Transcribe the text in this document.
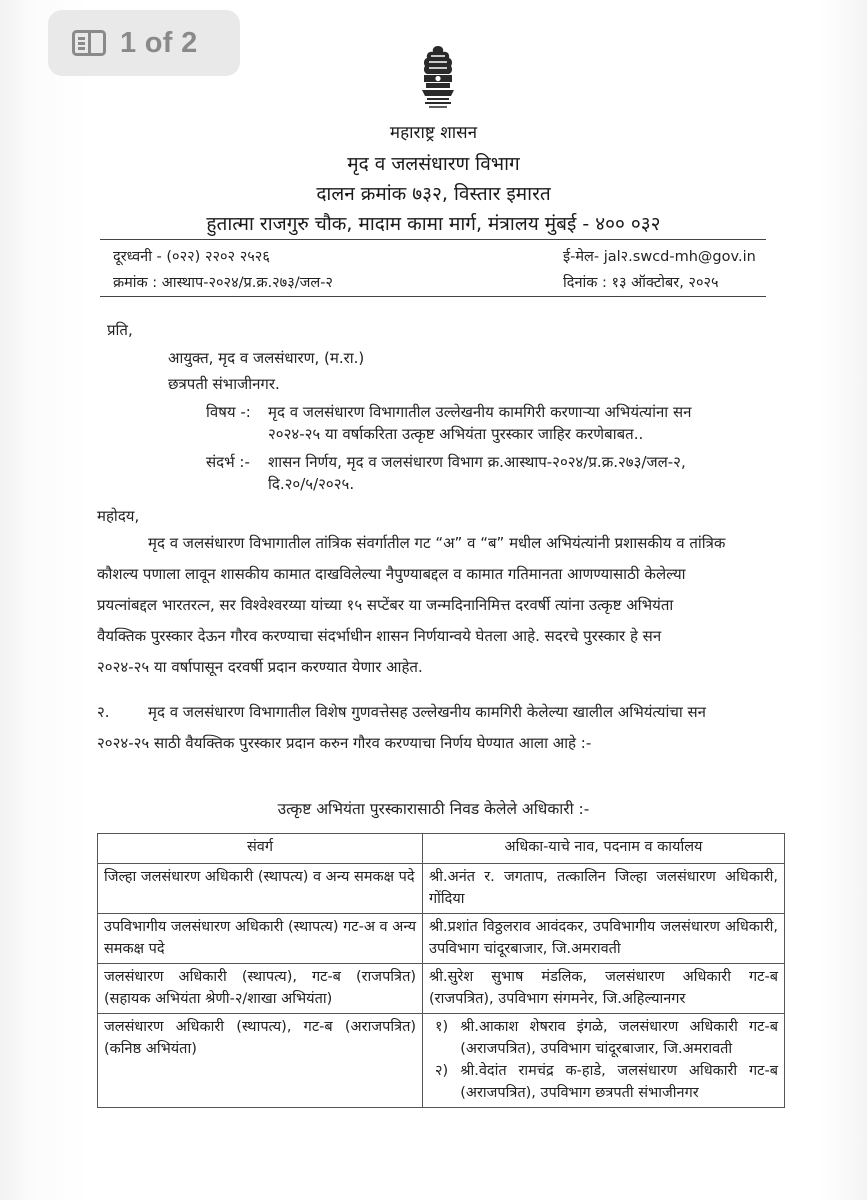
1 of 2
महाराष्ट्र शासन
मृद व जलसंधारण विभाग
दालन क्रमांक ७३२, विस्तार इमारत
हुतात्मा राजगुरु चौक, मादाम कामा मार्ग, मंत्रालय मुंबई - ४०० ०३२
दूरध्वनी - (०२२) २२०२ २५२६	ई-मेल- jal२.swcd-mh@gov.in
क्रमांक : आस्थाप-२०२४/प्र.क्र.२७३/जल-२	दिनांक : १३ ऑक्टोबर, २०२५
प्रति,
आयुक्त, मृद व जलसंधारण, (म.रा.)
छत्रपती संभाजीनगर.
विषय -: मृद व जलसंधारण विभागातील उल्लेखनीय कामगिरी करणाऱ्या अभियंत्यांना सन
२०२४-२५ या वर्षाकरिता उत्कृष्ट अभियंता पुरस्कार जाहिर करणेबाबत..
संदर्भ :- शासन निर्णय, मृद व जलसंधारण विभाग क्र.आस्थाप-२०२४/प्र.क्र.२७३/जल-२,
दि.२०/५/२०२५.
महोदय,
मृद व जलसंधारण विभागातील तांत्रिक संवर्गातील गट “अ” व “ब” मधील अभियंत्यांनी प्रशासकीय व तांत्रिक
कौशल्य पणाला लावून शासकीय कामात दाखविलेल्या नैपुण्याबद्दल व कामात गतिमानता आणण्यासाठी केलेल्या
प्रयत्नांबद्दल भारतरत्न, सर विश्वेश्वरय्या यांच्या १५ सप्टेंबर या जन्मदिनानिमित्त दरवर्षी त्यांना उत्कृष्ट अभियंता
वैयक्तिक पुरस्कार देऊन गौरव करण्याचा संदर्भाधीन शासन निर्णयान्वये घेतला आहे. सदरचे पुरस्कार हे सन
२०२४-२५ या वर्षापासून दरवर्षी प्रदान करण्यात येणार आहेत.
२.	मृद व जलसंधारण विभागातील विशेष गुणवत्तेसह उल्लेखनीय कामगिरी केलेल्या खालील अभियंत्यांचा सन
२०२४-२५ साठी वैयक्तिक पुरस्कार प्रदान करुन गौरव करण्याचा निर्णय घेण्यात आला आहे :-
उत्कृष्ट अभियंता पुरस्कारासाठी निवड केलेले अधिकारी :-
संवर्ग	अधिका-याचे नाव, पदनाम व कार्यालय
जिल्हा जलसंधारण अधिकारी (स्थापत्य) व अन्य समकक्ष पदे	श्री.अनंत र. जगताप, तत्कालिन जिल्हा जलसंधारण अधिकारी, गोंदिया
उपविभागीय जलसंधारण अधिकारी (स्थापत्य) गट-अ व अन्य समकक्ष पदे	श्री.प्रशांत विठ्ठलराव आवंदकर, उपविभागीय जलसंधारण अधिकारी, उपविभाग चांदूरबाजार, जि.अमरावती
जलसंधारण अधिकारी (स्थापत्य), गट-ब (राजपत्रित) (सहायक अभियंता श्रेणी-२/शाखा अभियंता)	श्री.सुरेश सुभाष मंडलिक, जलसंधारण अधिकारी गट-ब (राजपत्रित), उपविभाग संगमनेर, जि.अहिल्यानगर
जलसंधारण अधिकारी (स्थापत्य), गट-ब (अराजपत्रित) (कनिष्ठ अभियंता)	१) श्री.आकाश शेषराव इंगळे, जलसंधारण अधिकारी गट-ब (अराजपत्रित), उपविभाग चांदूरबाजार, जि.अमरावती
२) श्री.वेदांत रामचंद्र क-हाडे, जलसंधारण अधिकारी गट-ब (अराजपत्रित), उपविभाग छत्रपती संभाजीनगर
